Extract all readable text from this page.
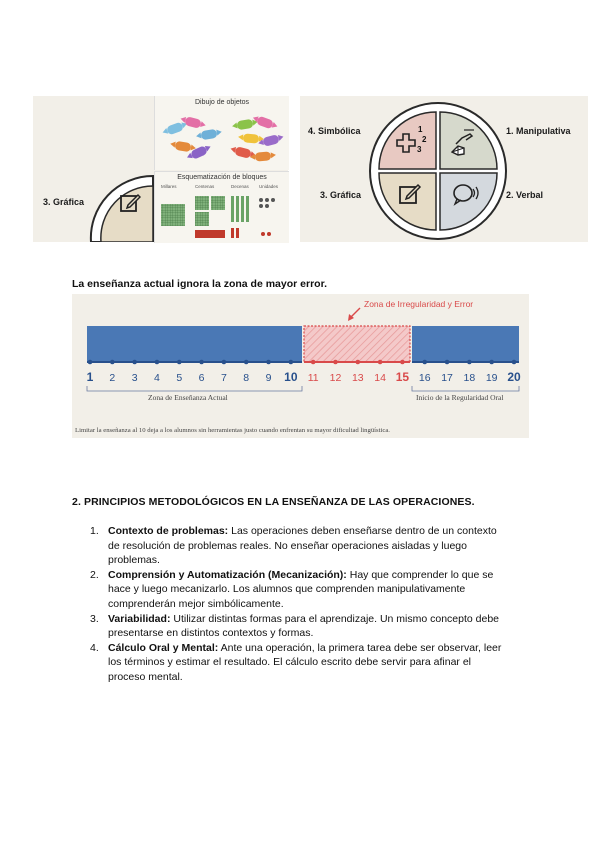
3. Gráfica
Dibujo de objetos
Esquematización de bloques
Millares	Centenas	Decenas Unidades
4. Simbólica	1. Manipulativa
3. Gráfica	2. Verbal
1
2
3
La enseñanza actual ignora la zona de mayor error.
1 2 3 4 5 6 7 8 9 10 11 12 13 14 15 16 17 18 19 20
Zona de Irregularidad y Error
Zona de Enseñanza Actual	Inicio de la Regularidad Oral
Limitar la enseñanza al 10 deja a los alumnos sin herramientas justo cuando enfrentan su mayor dificultad lingüística.
2. PRINCIPIOS METODOLÓGICOS EN LA ENSEÑANZA DE LAS OPERACIONES.
1. Contexto de problemas: Las operaciones deben enseñarse dentro de un contexto
de resolución de problemas reales. No enseñar operaciones aisladas y luego
problemas.
2. Comprensión y Automatización (Mecanización): Hay que comprender lo que se
hace y luego mecanizarlo. Los alumnos que comprenden manipulativamente
comprenderán mejor simbólicamente.
3. Variabilidad: Utilizar distintas formas para el aprendizaje. Un mismo concepto debe
presentarse en distintos contextos y formas.
4. Cálculo Oral y Mental: Ante una operación, la primera tarea debe ser observar, leer
los términos y estimar el resultado. El cálculo escrito debe servir para afinar el
proceso mental.
